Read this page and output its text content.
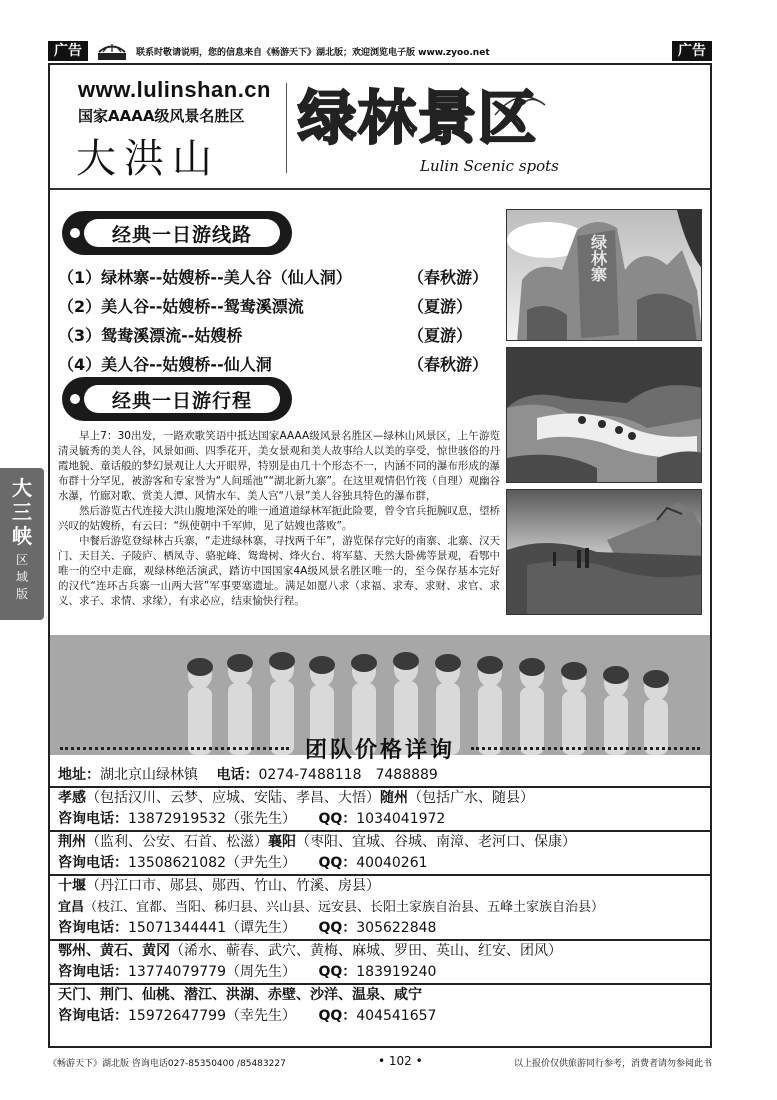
广告	联系时敬请说明，您的信息来自《畅游天下》湖北版；欢迎浏览电子版 www.zyoo.net	广告
www.lulinshan.cn
国家AAAA级风景名胜区
大洪山
绿林景区
Lulin Scenic spots
经典一日游线路
（1）绿林寨--姑嫂桥--美人谷（仙人洞）	（春秋游）
（2）美人谷--姑嫂桥--鸳鸯溪漂流	（夏游）
（3）鸳鸯溪漂流--姑嫂桥	（夏游）
（4）美人谷--姑嫂桥--仙人洞	（春秋游）
经典一日游行程

早上7：30出发，一路欢歌笑语中抵达国家AAAA级风景名胜区—绿林山风景区，上午游览清灵毓秀的美人谷，风景如画、四季花开，美女景观和美人故事给人以美的享受，惊世骇俗的丹霞地貌、童话般的梦幻景观让人大开眼界，特别是由几十个形态不一，内涵不同的瀑布形成的瀑布群十分罕见，被游客和专家誉为“人间瑶池”“湖北新九寨”。在这里观情侣竹筏（自理）观幽谷水瀑，竹廊对歌、赏美人潭、风情水车、美人宫“八景”美人谷独具特色的瀑布群，

然后游览古代连接大洪山腹地深处的唯一通道道绿林军扼此险要，曾令官兵扼腕叹息，望桥兴叹的姑嫂桥，有云曰：“纵使朝中千军帅，见了姑嫂也落败”。

中餐后游览登绿林古兵寨，“走进绿林寨，寻找两千年”，游览保存完好的南寨、北寨、汉天门、天目关、子陵庐、栖凤寺、骆驼峰、鸳鸯树、烽火台、将军墓、天然大卧佛等景观，看鄂中唯一的空中走廊，观绿林绝活演武，踏访中国国家4A级风景名胜区唯一的，至今保存基本完好的汉代“连环古兵寨一山两大营”军事要塞遗址。满足如愿八求（求福、求寿、求财、求官、求义、求子、求情、求缘），有求必应，结束愉快行程。

绿林寨
团队价格详询
地址：湖北京山绿林镇 电话：0274-7488118　7488889
孝感（包括汉川、云梦、应城、安陆、孝昌、大悟）随州（包括广水、随县）
咨询电话：13872919532（张先生） QQ：1034041972
荆州（监利、公安、石首、松滋）襄阳（枣阳、宜城、谷城、南漳、老河口、保康）
咨询电话：13508621082（尹先生） QQ：40040261
十堰（丹江口市、郧县、郧西、竹山、竹溪、房县）
宜昌（枝江、宜都、当阳、秭归县、兴山县、远安县、长阳土家族自治县、五峰土家族自治县）
咨询电话：15071344441（谭先生） QQ：305622848
鄂州、黄石、黄冈（浠水、蕲春、武穴、黄梅、麻城、罗田、英山、红安、团风）
咨询电话：13774079779（周先生） QQ：183919240
天门、荆门、仙桃、潜江、洪湖、赤壁、沙洋、温泉、咸宁
咨询电话：15972647799（幸先生） QQ：404541657
大
三
峡
区
域
版
《畅游天下》湖北版 咨询电话027-85350400 /85483227	• 102 •	以上报价仅供旅游同行参考，消费者请勿参阅此书
